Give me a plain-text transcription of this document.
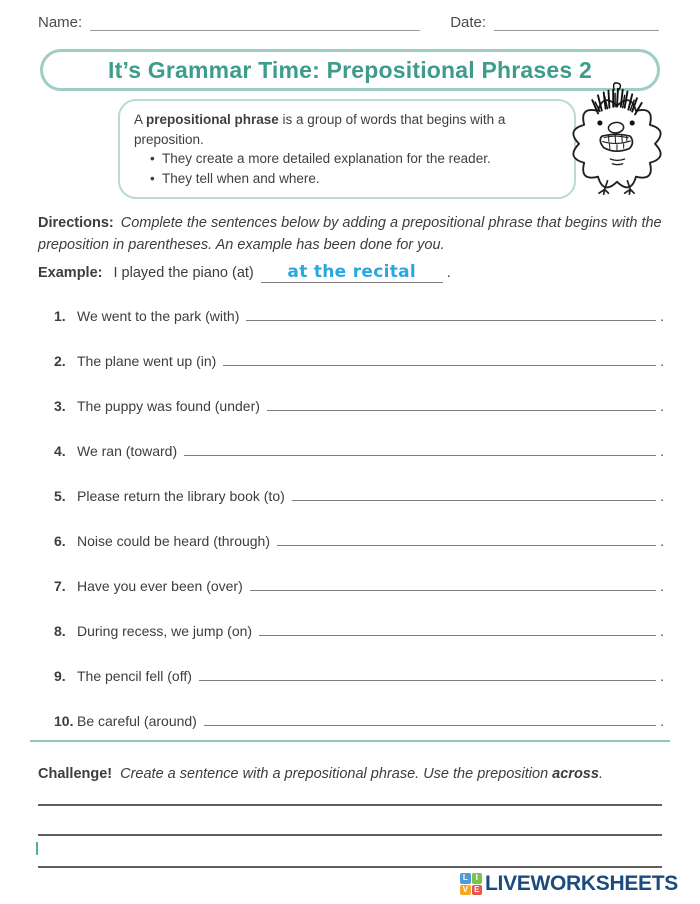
Name:	Date:
It’s Grammar Time: Prepositional Phrases 2
A prepositional phrase is a group of words that begins with a preposition.
• They create a more detailed explanation for the reader.
• They tell when and where.
Directions: Complete the sentences below by adding a prepositional phrase that begins with the preposition in parentheses. An example has been done for you.
Example: I played the piano (at)	at the recital	.
1. We went to the park (with)	.
2. The plane went up (in)	.
3. The puppy was found (under)	.
4. We ran (toward)	.
5. Please return the library book (to)	.
6. Noise could be heard (through)	.
7. Have you ever been (over)	.
8. During recess, we jump (on)	.
9. The pencil fell (off)	.
10. Be careful (around)	.
Challenge! Create a sentence with a prepositional phrase. Use the preposition across.
L I
V E LIVEWORKSHEETS
